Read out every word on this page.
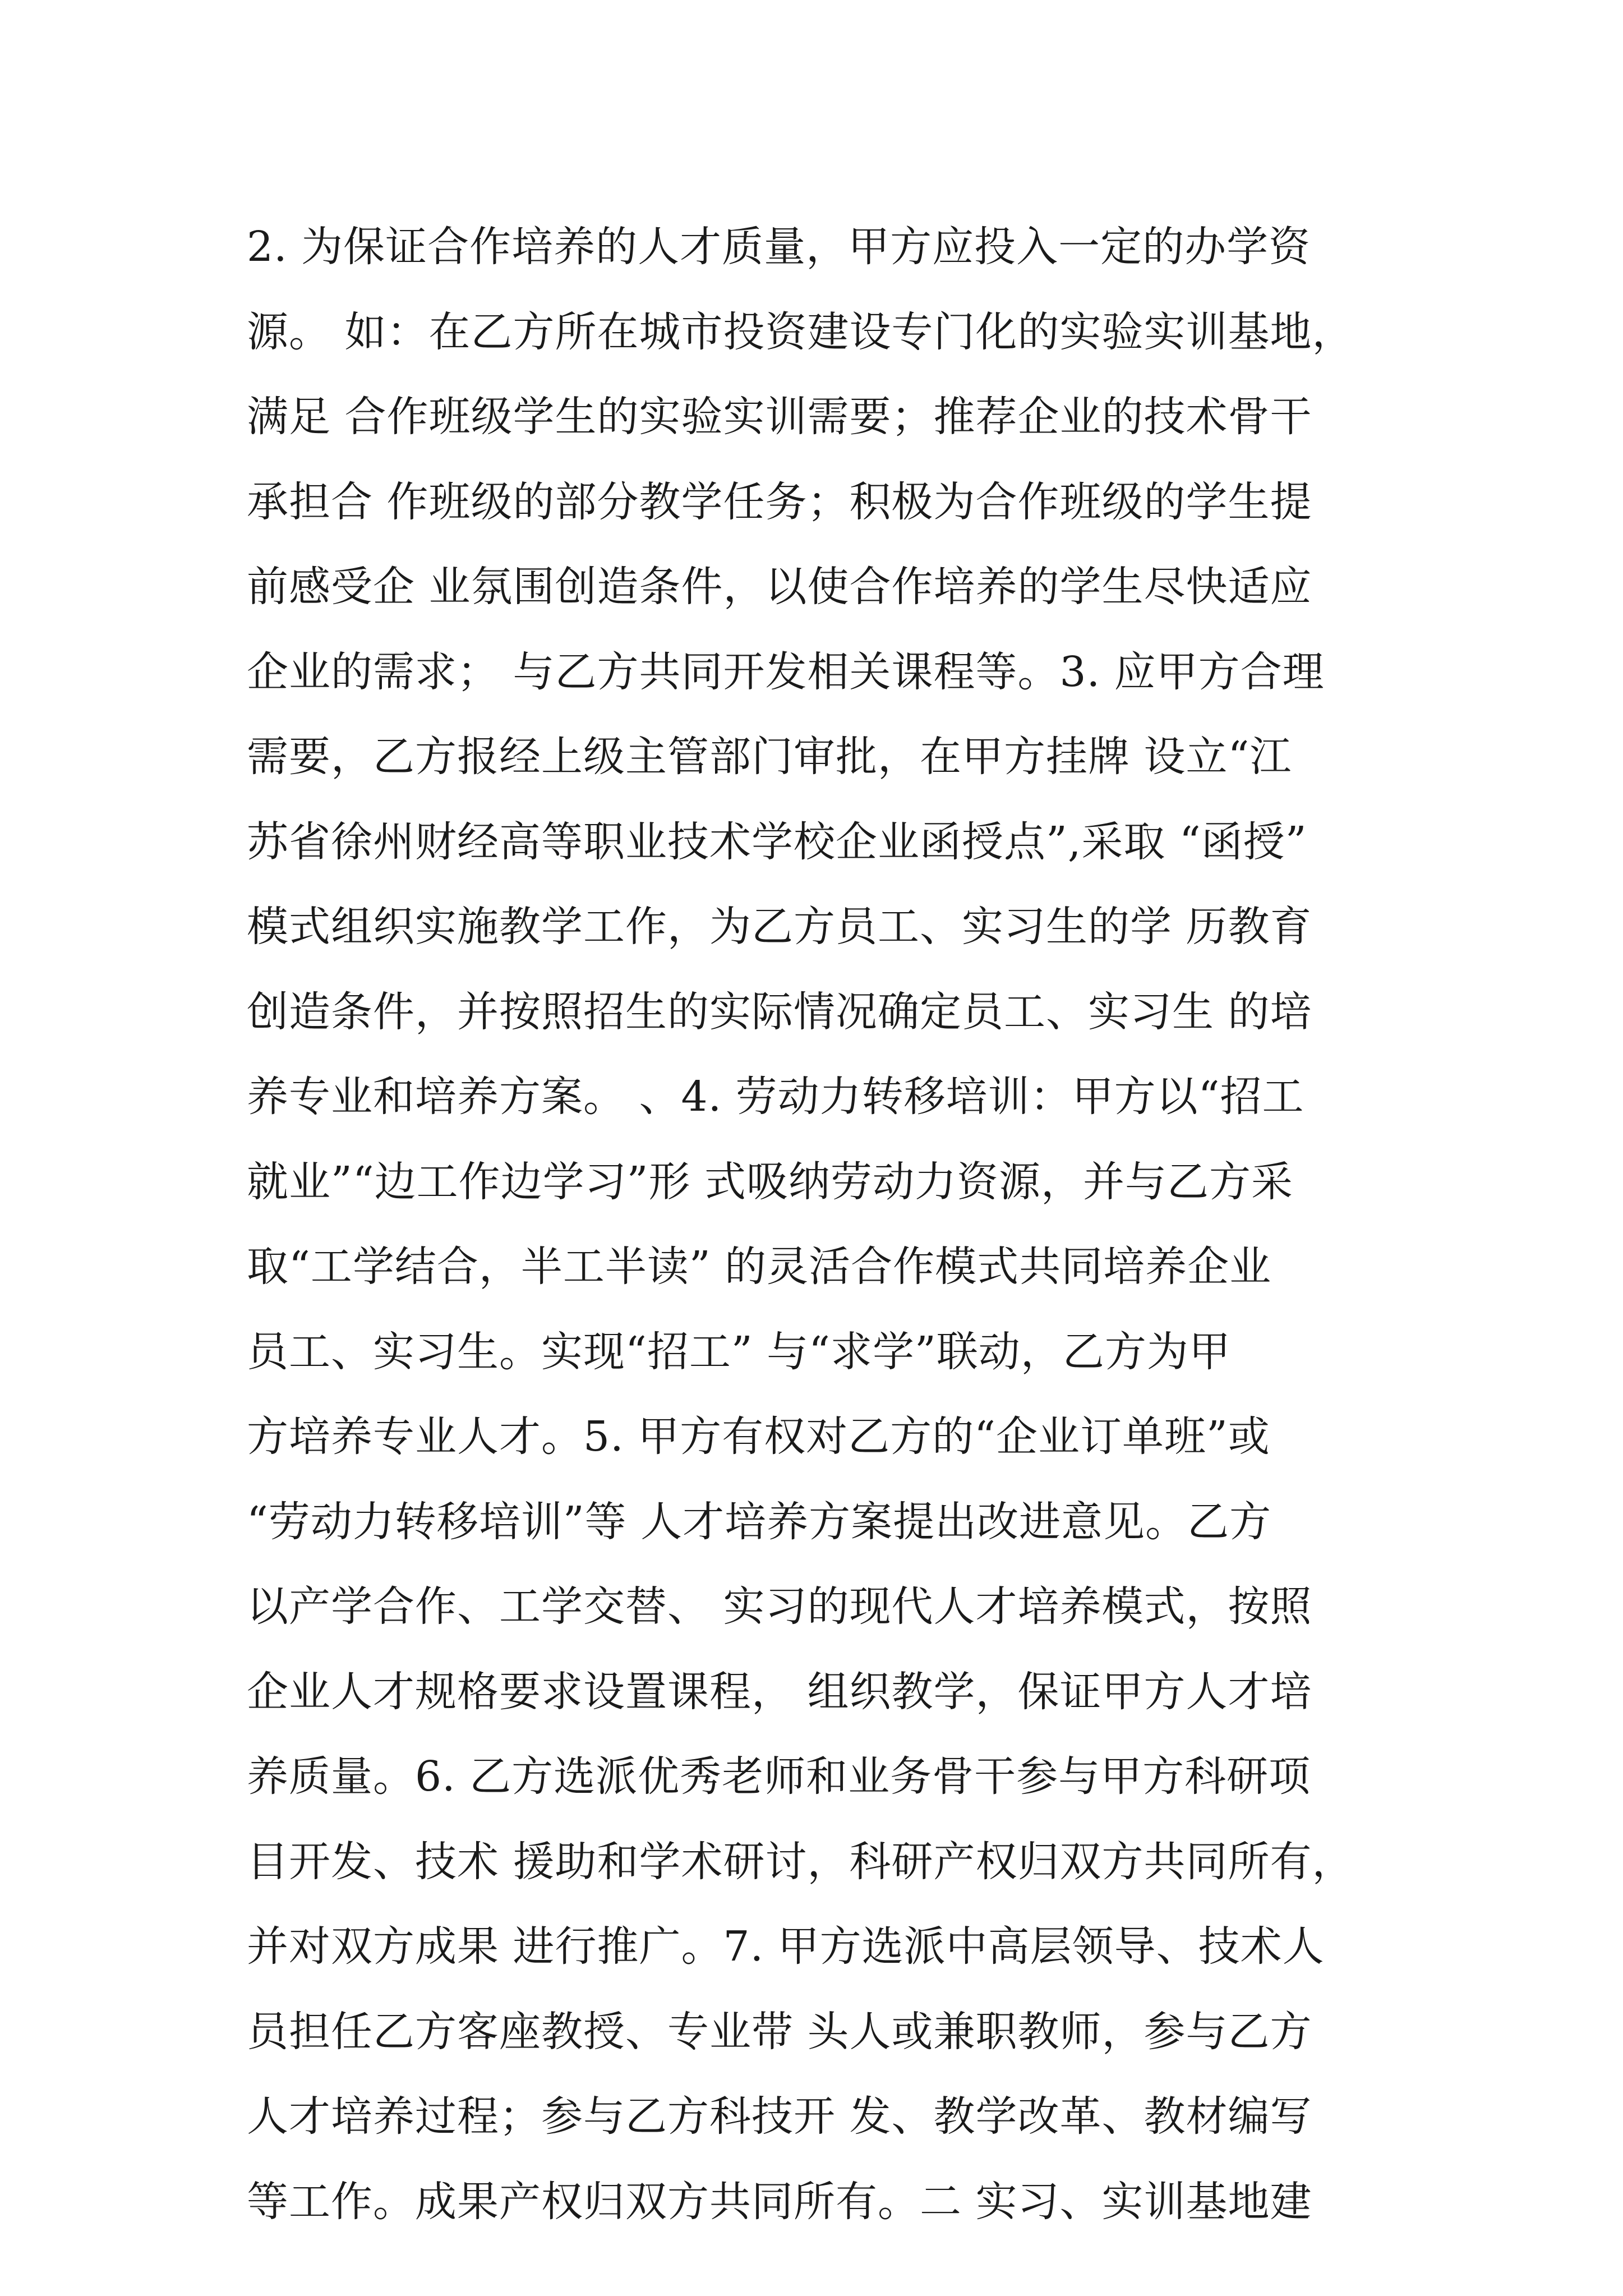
2. 为保证合作培养的人才质量，甲方应投入一定的办学资
源。 如：在乙方所在城市投资建设专门化的实验实训基地，
满足 合作班级学生的实验实训需要；推荐企业的技术骨干
承担合 作班级的部分教学任务；积极为合作班级的学生提
前感受企 业氛围创造条件，以使合作培养的学生尽快适应
企业的需求； 与乙方共同开发相关课程等。3. 应甲方合理
需要，乙方报经上级主管部门审批，在甲方挂牌 设立“江
苏省徐州财经高等职业技术学校企业函授点”,采取 “函授”
模式组织实施教学工作，为乙方员工、实习生的学 历教育
创造条件，并按照招生的实际情况确定员工、实习生 的培
养专业和培养方案。 、4. 劳动力转移培训：甲方以“招工
就业”“边工作边学习”形 式吸纳劳动力资源，并与乙方采
取“工学结合，半工半读” 的灵活合作模式共同培养企业
员工、实习生。实现“招工” 与“求学”联动，乙方为甲
方培养专业人才。5. 甲方有权对乙方的“企业订单班”或
“劳动力转移培训”等 人才培养方案提出改进意见。乙方
以产学合作、工学交替、 实习的现代人才培养模式，按照
企业人才规格要求设置课程， 组织教学，保证甲方人才培
养质量。6. 乙方选派优秀老师和业务骨干参与甲方科研项
目开发、技术 援助和学术研讨，科研产权归双方共同所有，
并对双方成果 进行推广。7. 甲方选派中高层领导、技术人
员担任乙方客座教授、专业带 头人或兼职教师，参与乙方
人才培养过程；参与乙方科技开 发、教学改革、教材编写
等工作。成果产权归双方共同所有。二 实习、实训基地建
